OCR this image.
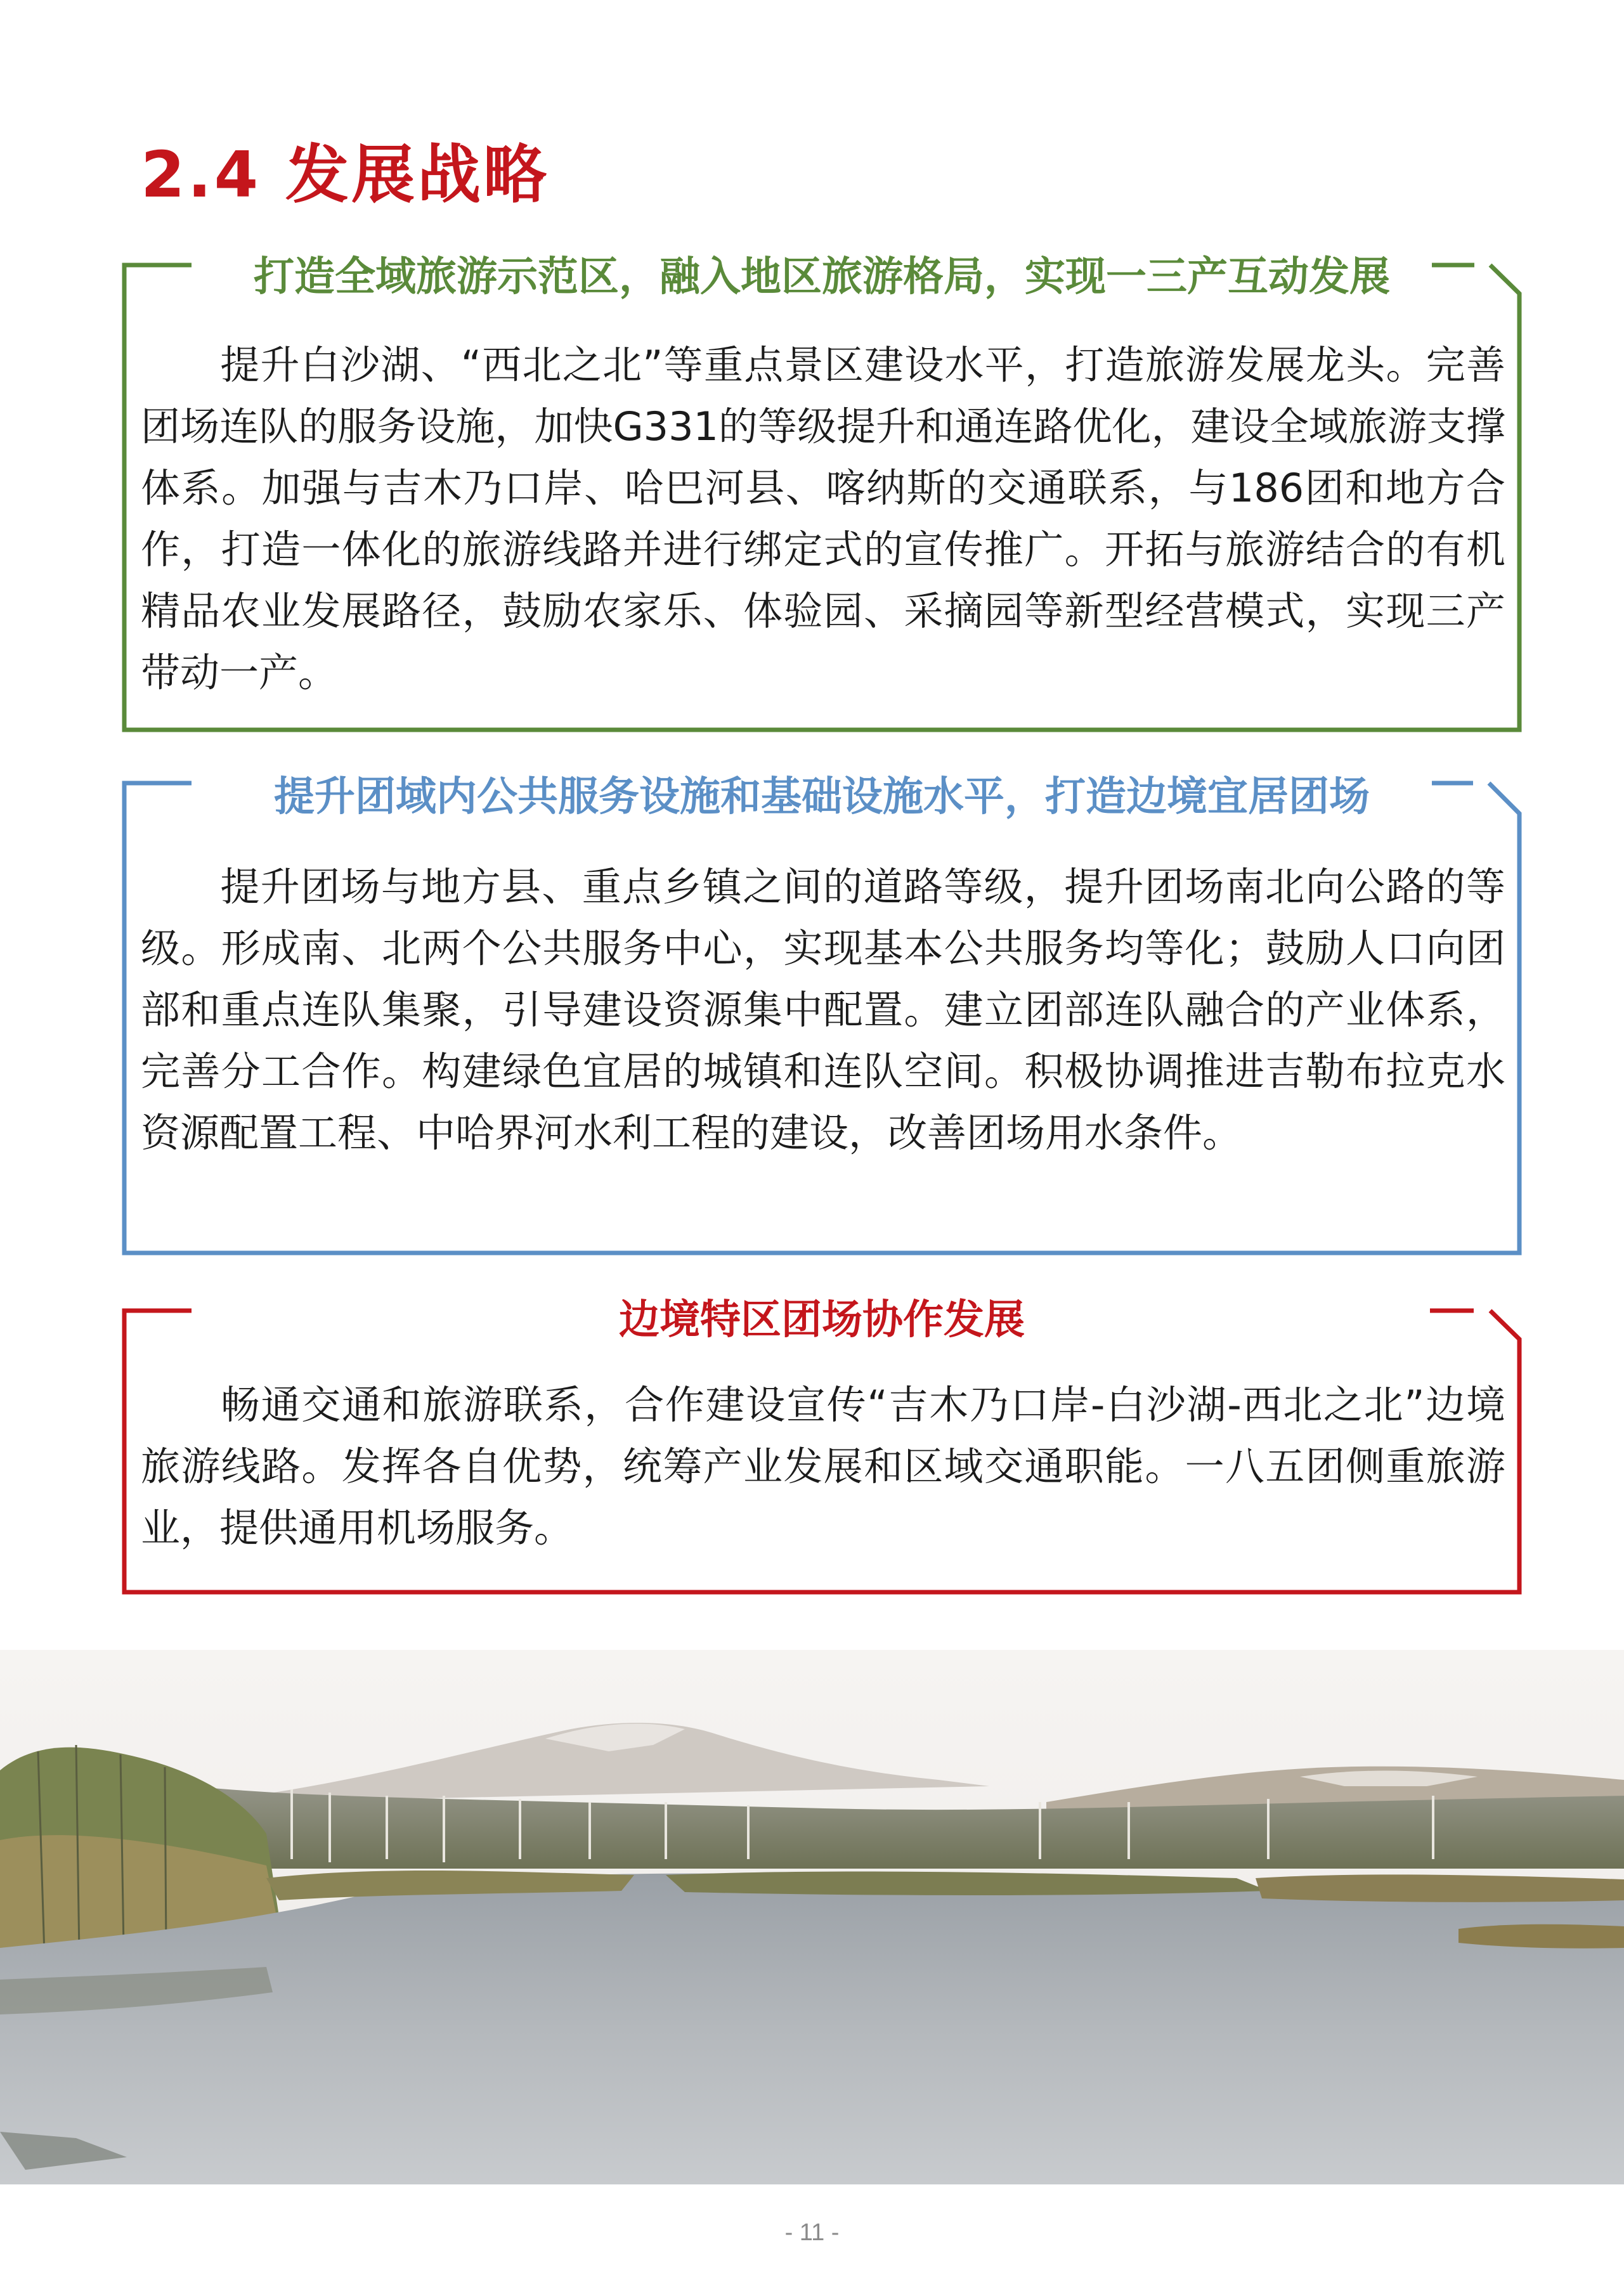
2.4 发展战略
打造全域旅游示范区，融入地区旅游格局，实现一三产互动发展

提升白沙湖、“西北之北”等重点景区建设水平，打造旅游发展龙头。完善团场连队的服务设施，加快G331的等级提升和通连路优化，建设全域旅游支撑体系。加强与吉木乃口岸、哈巴河县、喀纳斯的交通联系，与186团和地方合作，打造一体化的旅游线路并进行绑定式的宣传推广。开拓与旅游结合的有机精品农业发展路径，鼓励农家乐、体验园、采摘园等新型经营模式，实现三产带动一产。

提升团域内公共服务设施和基础设施水平，打造边境宜居团场

提升团场与地方县、重点乡镇之间的道路等级，提升团场南北向公路的等级。形成南、北两个公共服务中心，实现基本公共服务均等化；鼓励人口向团部和重点连队集聚，引导建设资源集中配置。建立团部连队融合的产业体系，完善分工合作。构建绿色宜居的城镇和连队空间。积极协调推进吉勒布拉克水资源配置工程、中哈界河水利工程的建设，改善团场用水条件。

边境特区团场协作发展

畅通交通和旅游联系，合作建设宣传“吉木乃口岸-白沙湖-西北之北”边境旅游线路。发挥各自优势，统筹产业发展和区域交通职能。一八五团侧重旅游业，提供通用机场服务。

- 11 -
